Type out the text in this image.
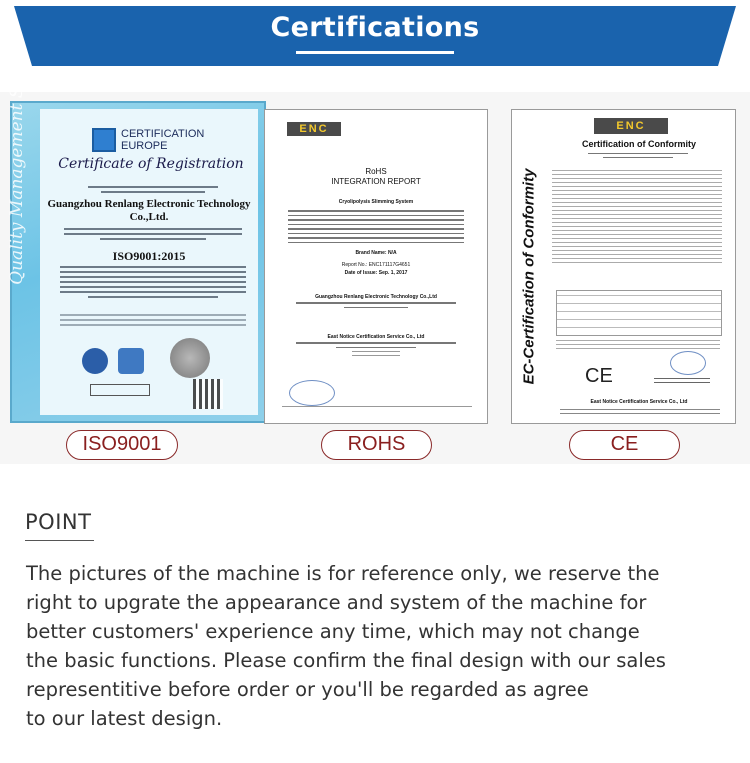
Certifications
Quality Management System	CERTIFICATION
EUROPE
Certificate of Registration
Guangzhou Renlang Electronic Technology Co.,Ltd.
ISO9001:2015
ENC
RoHS
INTEGRATION REPORT
Cryolipolysis Slimming System
Brand Name: N/A
Report No.: ENC171117G4651
Date of Issue: Sep. 1, 2017
Guangzhou Renlang Electronic Technology Co.,Ltd
East Notice Certification Service Co., Ltd	EC-Certification of Conformity
ENC
Certification of Conformity
CE
East Notice Certification Service Co., Ltd
ISO9001	ROHS	CE
POINT
The pictures of the machine is for reference only, we reserve the
right to upgrate the appearance and system of the machine for
better customers' experience any time, which may not change
the basic functions. Please confirm the final design with our sales
representitive before order or you'll be regarded as agree
to our latest design.
